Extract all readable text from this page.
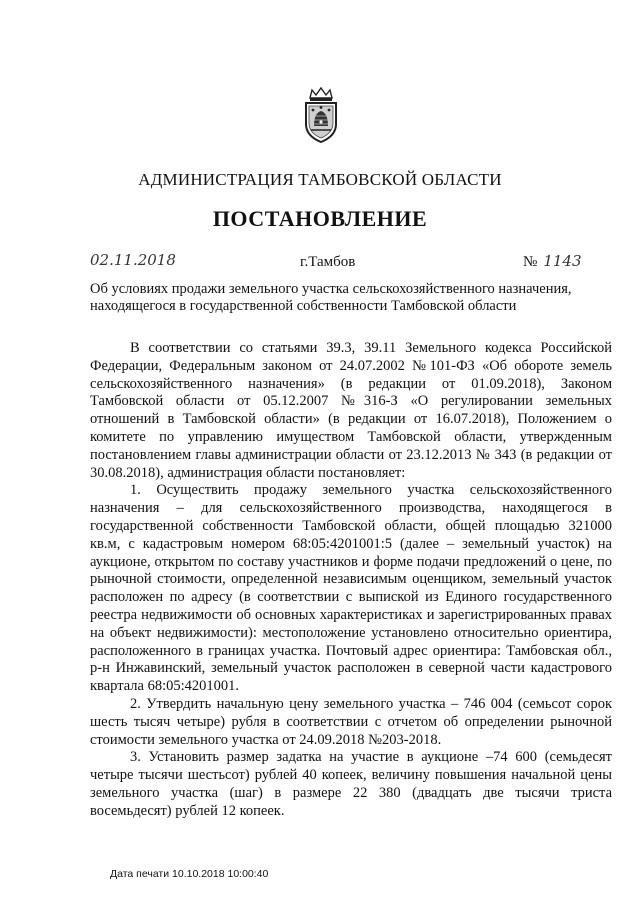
АДМИНИСТРАЦИЯ ТАМБОВСКОЙ ОБЛАСТИ
ПОСТАНОВЛЕНИЕ
02.11.2018	г.Тамбов	№ 1143
Об условиях продажи земельного участка сельскохозяйственного назначения, находящегося в государственной собственности Тамбовской области

В соответствии со статьями 39.3, 39.11 Земельного кодекса Российской Федерации, Федеральным законом от 24.07.2002 №101-ФЗ «Об обороте земель сельскохозяйственного назначения» (в редакции от 01.09.2018), Законом Тамбовской области от 05.12.2007 №316-З «О регулировании земельных отношений в Тамбовской области» (в редакции от 16.07.2018), Положением о комитете по управлению имуществом Тамбовской области, утвержденным постановлением главы администрации области от 23.12.2013 № 343 (в редакции от 30.08.2018), администрация области постановляет:

1. Осуществить продажу земельного участка сельскохозяйственного назначения – для сельскохозяйственного производства, находящегося в государственной собственности Тамбовской области, общей площадью 321000 кв.м, с кадастровым номером 68:05:4201001:5 (далее – земельный участок) на аукционе, открытом по составу участников и форме подачи предложений о цене, по рыночной стоимости, определенной независимым оценщиком, земельный участок расположен по адресу (в соответствии с выпиской из Единого государственного реестра недвижимости об основных характеристиках и зарегистрированных правах на объект недвижимости): местоположение установлено относительно ориентира, расположенного в границах участка. Почтовый адрес ориентира: Тамбовская обл., р-н Инжавинский, земельный участок расположен в северной части кадастрового квартала 68:05:4201001.

2. Утвердить начальную цену земельного участка – 746 004 (семьсот сорок шесть тысяч четыре) рубля в соответствии с отчетом об определении рыночной стоимости земельного участка от 24.09.2018 №203-2018.

3. Установить размер задатка на участие в аукционе –74 600 (семьдесят четыре тысячи шестьсот) рублей 40 копеек, величину повышения начальной цены земельного участка (шаг) в размере 22 380 (двадцать две тысячи триста восемьдесят) рублей 12 копеек.

Дата печати 10.10.2018 10:00:40
